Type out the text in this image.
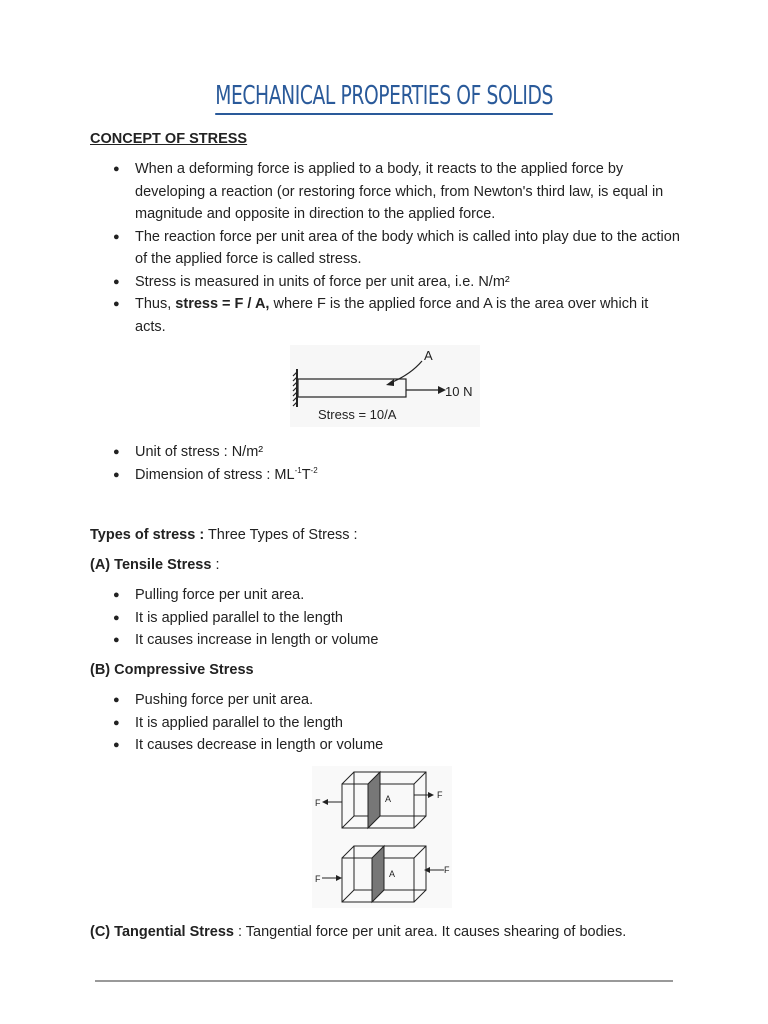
MECHANICAL PROPERTIES OF SOLIDS
CONCEPT OF STRESS
● When a deforming force is applied to a body, it reacts to the applied force by developing a reaction (or restoring force which, from Newton's third law, is equal in magnitude and opposite in direction to the applied force.
● The reaction force per unit area of the body which is called into play due to the action of the applied force is called stress.
● Stress is measured in units of force per unit area, i.e. N/m²
● Thus, stress = F / A, where F is the applied force and A is the area over which it acts.
A
10 N
Stress = 10/A
● Unit of stress : N/m²
● Dimension of stress : $ML^{-1}T^{-2}$
Types of stress : Three Types of Stress :
(A) Tensile Stress :
● Pulling force per unit area.
● It is applied parallel to the length
● It causes increase in length or volume
(B) Compressive Stress
● Pushing force per unit area.
● It is applied parallel to the length
● It causes decrease in length or volume
F
F
A
F
F
A
(C) Tangential Stress : Tangential force per unit area. It causes shearing of bodies.
